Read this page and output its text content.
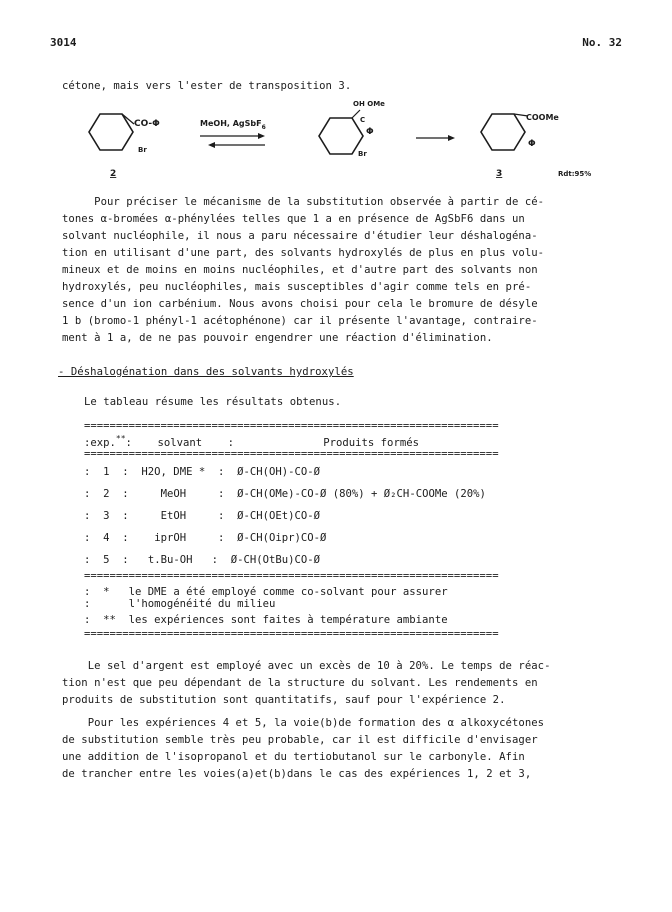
3014	No. 32
cétone, mais vers l'ester de transposition 3.
CO-Φ
Br
2
MeOH, AgSbF$_6$
OH OMe
C
Φ
Br
COOMe
Φ
3	Rdt:95%
Pour préciser le mécanisme de la substitution observée à partir de cé-
tones α-bromées α-phénylées telles que 1 a en présence de AgSbF6 dans un
solvant nucléophile, il nous a paru nécessaire d'étudier leur déshalogéna-
tion en utilisant d'une part, des solvants hydroxylés de plus en plus volu-
mineux et de moins en moins nucléophiles, et d'autre part des solvants non
hydroxylés, peu nucléophiles, mais susceptibles d'agir comme tels en pré-
sence d'un ion carbénium. Nous avons choisi pour cela le bromure de désyle
1 b (bromo-1 phényl-1 acétophénone) car il présente l'avantage, contraire-
ment à 1 a, de ne pas pouvoir engendrer une réaction d'élimination.
- Déshalogénation dans des solvants hydroxylés
Le tableau résume les résultats obtenus.
=================================================================
:exp.**:    solvant    :              Produits formés
=================================================================
:  1  :  H2O, DME *  :  Ø-CH(OH)-CO-Ø
:  2  :     MeOH     :  Ø-CH(OMe)-CO-Ø (80%) + Ø₂CH-COOMe (20%)
:  3  :     EtOH     :  Ø-CH(OEt)CO-Ø
:  4  :    iprOH     :  Ø-CH(Oipr)CO-Ø
:  5  :   t.Bu-OH   :  Ø-CH(OtBu)CO-Ø
=================================================================
:  * le DME a été employé comme co-solvant pour assurer
:      l'homogénéité du milieu
:  ** les expériences sont faites à température ambiante
=================================================================
Le sel d'argent est employé avec un excès de 10 à 20%. Le temps de réac-
tion n'est que peu dépendant de la structure du solvant. Les rendements en
produits de substitution sont quantitatifs, sauf pour l'expérience 2.
Pour les expériences 4 et 5, la voie(b)de formation des α alkoxycétones
de substitution semble très peu probable, car il est difficile d'envisager
une addition de l'isopropanol et du tertiobutanol sur le carbonyle. Afin
de trancher entre les voies(a)et(b)dans le cas des expériences 1, 2 et 3,
